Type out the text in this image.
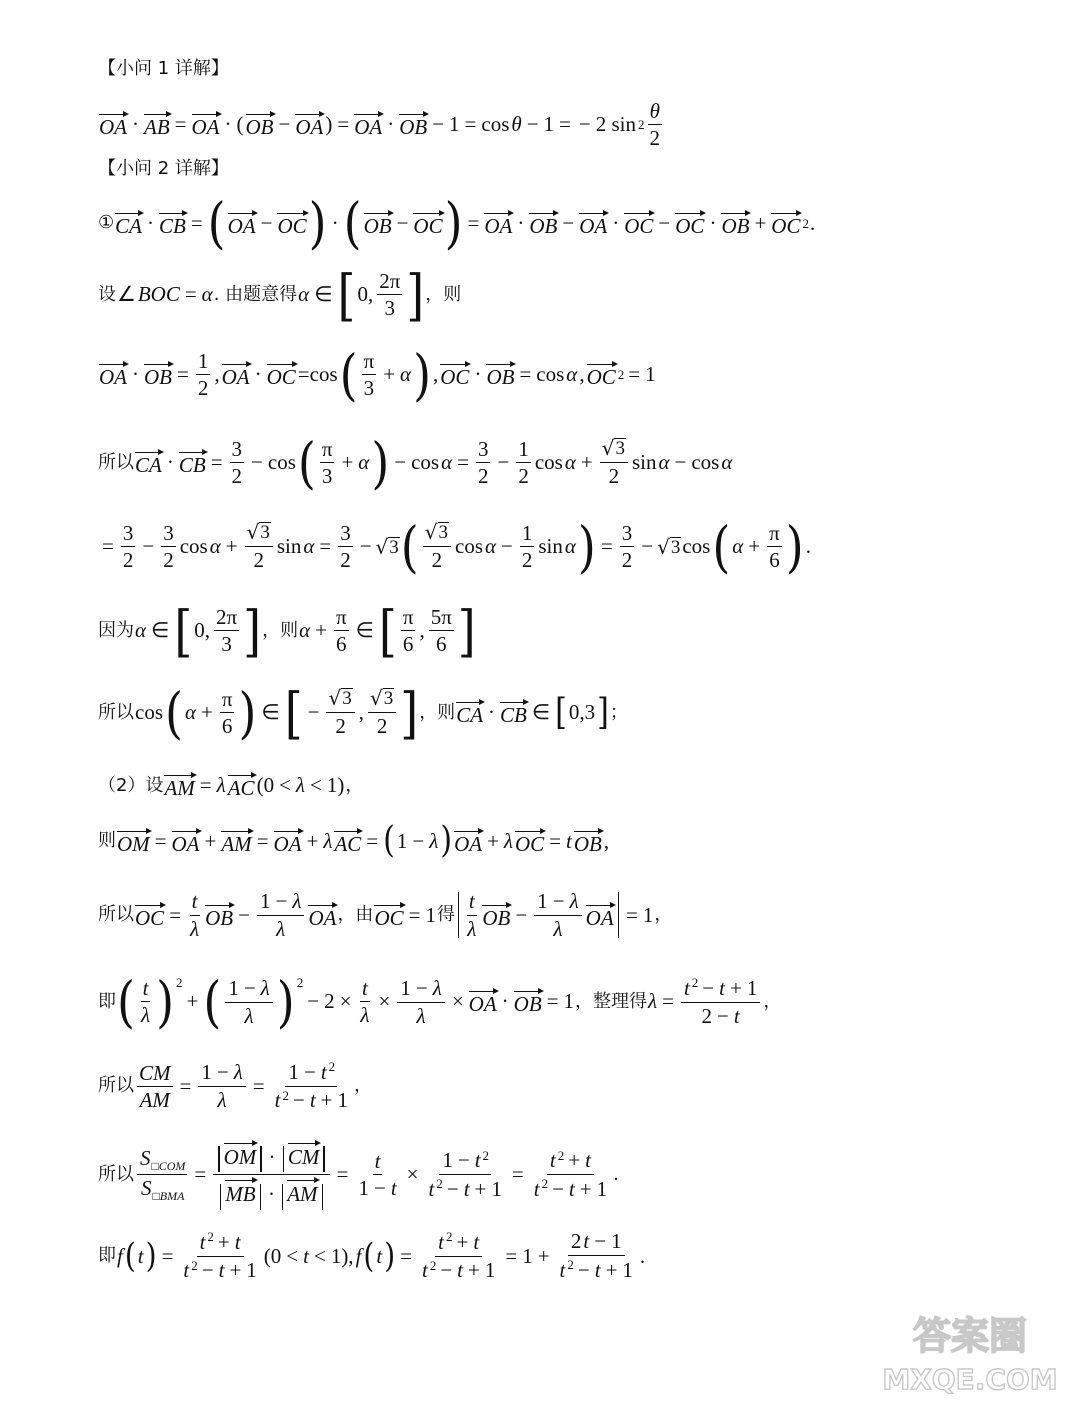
【小问 1 详解】
OA · AB = OA · ( OB − OA ) = OA · OB − 1 = cos θ − 1 = − 2 $\sin 2 \frac{\theta}{2}$
【小问 2 详解】
① CA · CB = ( OA − OC ) · ( OB − OC ) = OA · OB − OA · OC − OC · OB + OC 2 .
设 ∠ BOC = α . 由题意得 α ∈ [ 0, $\frac{2\pi}{3}$ ] ，则
OA · OB = $\frac{1}{2}$ , OA · OC =cos ( $\frac{\pi}{3} + \alpha$ ) , OC · OB = cos α , OC 2 = 1
所以 CA · CB = $\frac{3}{2} - \cos$ ( $\frac{\pi}{3} + \alpha$ ) − $\cos \alpha = \frac{3}{2} - \frac{1}{2}$ $\cos \alpha + \frac{√ 3}{2}$ sin α − cos α
= $\frac{3}{2} - \frac{3}{2}$ $\cos \alpha + \frac{√ 3}{2}$ $\sin \alpha = \frac{3}{2}$ − √ 3 ( $\frac{√ 3}{2}$ $\cos \alpha - \frac{1}{2}$ sin α ) = $\frac{3}{2}$ − √ 3 cos ( $\alpha + \frac{\pi}{6}$ ) .
因为 α ∈ [ 0, $\frac{2\pi}{3}$ ] ，则 $\alpha + \frac{\pi}{6}$ ∈ [ $\frac{\pi}{6}$ , $\frac{5\pi}{6}$ ]
所以 cos ( $\alpha + \frac{\pi}{6}$ ) ∈ [ − $\frac{√ 3}{2}$ , $\frac{√ 3}{2}$ ] ，则 CA · CB ∈ [ 0,3 ] ；
（2）设 AM = λ AC (0 < λ < 1) ，
则 OM = OA + AM = OA + λ AC = ( 1 − λ ) OA + λ OC = t OB ,
所以 OC = $\frac{t}{\lambda}$ OB − $\frac{1 - \lambda}{\lambda}$ OA ，由 OC = 1 得 $\frac{t}{\lambda}$ OB − $\frac{1 - \lambda}{\lambda}$ OA = 1 ，
即 ( $\frac{t}{\lambda}$ ) 2
+ ( $\frac{1 - \lambda}{\lambda}$ ) 2
− $2 \times \frac{t}{\lambda} \times \frac{1 - \lambda}{\lambda}$ × OA · OB = 1 ，整理得 $\lambda = \frac{t ^2 - t + 1}{2 - t}$ ，
所以 $\frac{CM}{AM} = \frac{1 - \lambda}{\lambda} = \frac{1 - t ^2}{t ^2 - t + 1}$ ，
所以 $\frac{S_{□COM}}{S_{□BMA}} = \frac{OM \cdot CM}{MB \cdot AM} = \frac{t}{1 - t} \times \frac{1 - t ^2}{t ^2 - t + 1} = \frac{t ^2 + t}{t ^2 - t + 1}$ .
即 f ( t ) = $\frac{t ^2 + t}{t ^2 - t + 1} (0 < t < 1)$, f ( t ) = $\frac{t ^2 + t}{t ^2 - t + 1} = 1 + \frac{2t - 1}{t ^2 - t + 1}$ .
答案圈
MXQE.COM
